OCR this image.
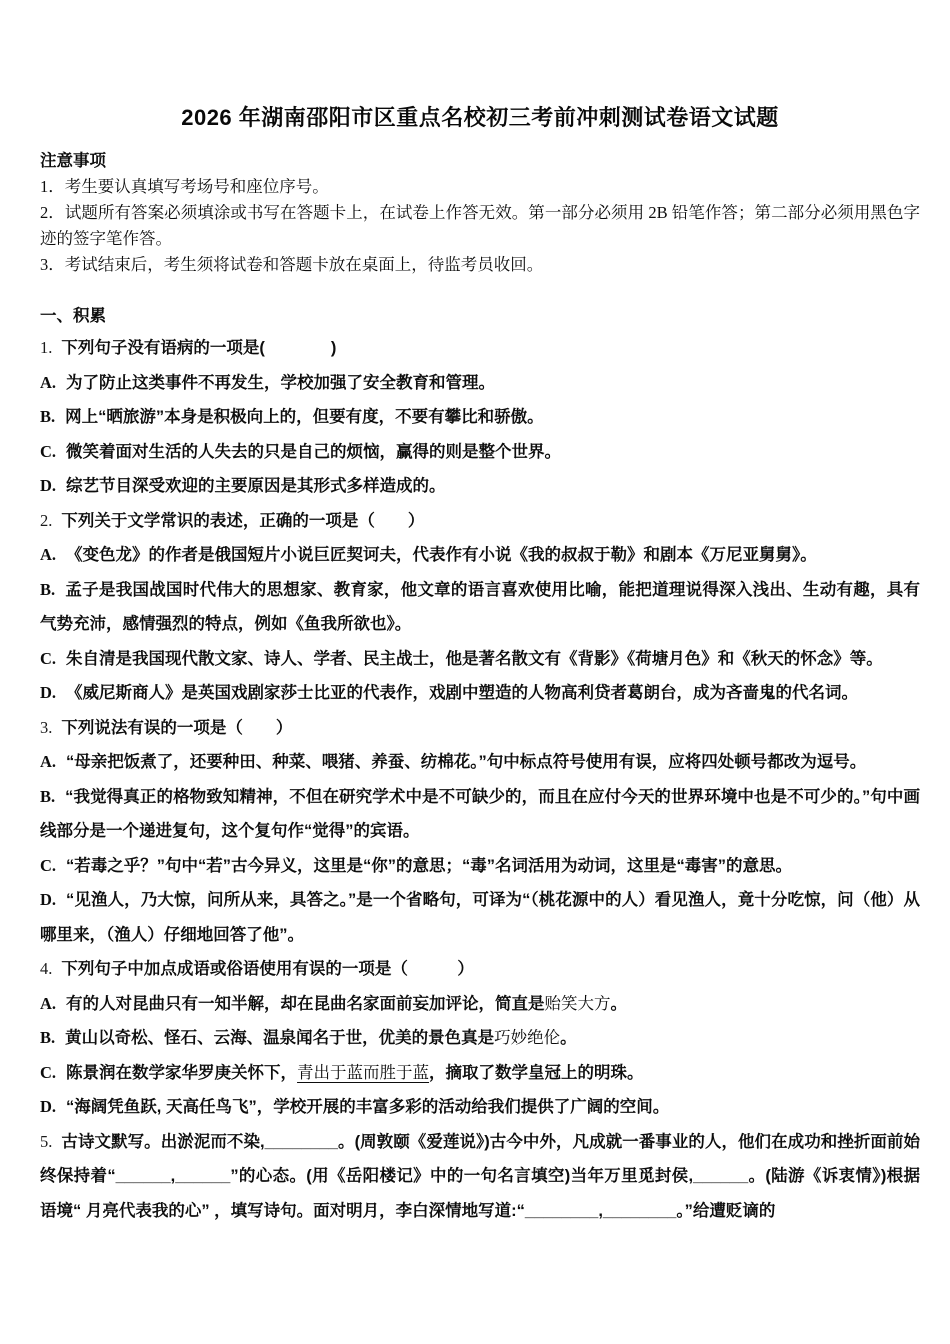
2026 年湖南邵阳市区重点名校初三考前冲刺测试卷语文试题

注意事项

1．考生要认真填写考场号和座位序号。

2．试题所有答案必须填涂或书写在答题卡上，在试卷上作答无效。第一部分必须用 2B 铅笔作答；第二部分必须用黑色字迹的签字笔作答。

3．考试结束后，考生须将试卷和答题卡放在桌面上，待监考员收回。

一、积累

1. 下列句子没有语病的一项是(　　　　)

A. 为了防止这类事件不再发生，学校加强了安全教育和管理。

B. 网上“晒旅游”本身是积极向上的，但要有度，不要有攀比和骄傲。

C. 微笑着面对生活的人失去的只是自己的烦恼，赢得的则是整个世界。

D. 综艺节目深受欢迎的主要原因是其形式多样造成的。

2. 下列关于文学常识的表述，正确的一项是（　　）

A. 《变色龙》的作者是俄国短片小说巨匠契诃夫，代表作有小说《我的叔叔于勒》和剧本《万尼亚舅舅》。

B. 孟子是我国战国时代伟大的思想家、教育家，他文章的语言喜欢使用比喻，能把道理说得深入浅出、生动有趣，具有气势充沛，感情强烈的特点，例如《鱼我所欲也》。

C. 朱自清是我国现代散文家、诗人、学者、民主战士，他是著名散文有《背影》《荷塘月色》和《秋天的怀念》等。

D. 《威尼斯商人》是英国戏剧家莎士比亚的代表作，戏剧中塑造的人物高利贷者葛朗台，成为吝啬鬼的代名词。

3. 下列说法有误的一项是（　　）

A. “母亲把饭煮了，还要种田、种菜、喂猪、养蚕、纺棉花。”句中标点符号使用有误，应将四处顿号都改为逗号。

B. “我觉得真正的格物致知精神，不但在研究学术中是不可缺少的，而且在应付今天的世界环境中也是不可少的。”句中画线部分是一个递进复句，这个复句作“觉得”的宾语。

C. “若毒之乎？”句中“若”古今异义，这里是“你”的意思；“毒”名词活用为动词，这里是“毒害”的意思。

D. “见渔人，乃大惊，问所从来，具答之。”是一个省略句，可译为“（桃花源中的人）看见渔人，竟十分吃惊，问（他）从哪里来，（渔人）仔细地回答了他”。

4. 下列句子中加点成语或俗语使用有误的一项是（　　　）

A. 有的人对昆曲只有一知半解，却在昆曲名家面前妄加评论，简直是贻笑大方。

B. 黄山以奇松、怪石、云海、温泉闻名于世，优美的景色真是巧妙绝伦。

C. 陈景润在数学家华罗庚关怀下，青出于蓝而胜于蓝，摘取了数学皇冠上的明珠。

D. “海阔凭鱼跃, 天高任鸟飞”，学校开展的丰富多彩的活动给我们提供了广阔的空间。

5. 古诗文默写。出淤泥而不染,________。(周敦颐《爱莲说》)古今中外，凡成就一番事业的人，他们在成功和挫折面前始终保持着“______,______”的心态。(用《岳阳楼记》中的一句名言填空)当年万里觅封侯,______。(陆游《诉衷情》)根据语境“ 月亮代表我的心” ，填写诗句。面对明月，李白深情地写道:“________,________。”给遭贬谪的
